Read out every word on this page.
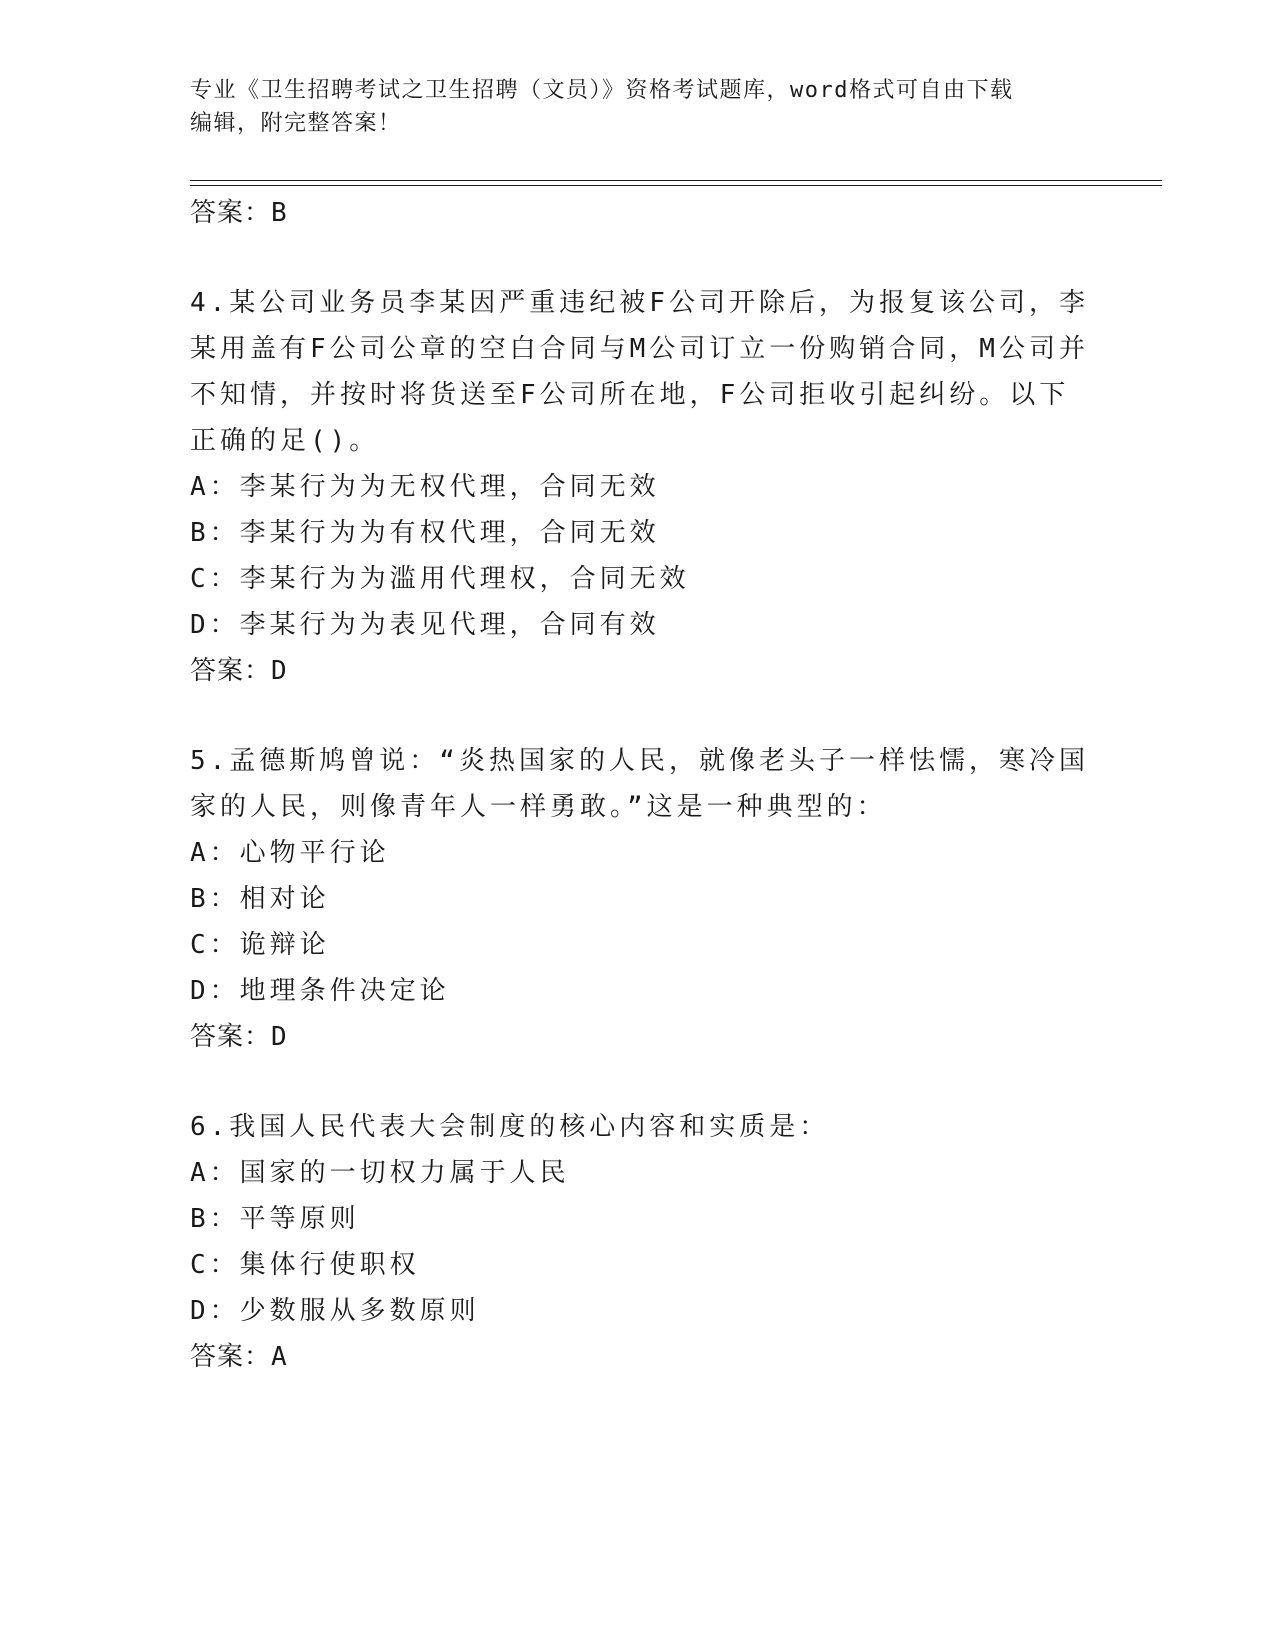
专业《卫生招聘考试之卫生招聘（文员）》资格考试题库，word格式可自由下载
编辑，附完整答案！
答案：B
4.某公司业务员李某因严重违纪被F公司开除后，为报复该公司，李某用盖有F公司公章的空白合同与M公司订立一份购销合同，M公司并不知情，并按时将货送至F公司所在地，F公司拒收引起纠纷。以下正确的足()。
A：李某行为为无权代理，合同无效
B：李某行为为有权代理，合同无效
C：李某行为为滥用代理权，合同无效
D：李某行为为表见代理，合同有效
答案：D
5.孟德斯鸠曾说：“炎热国家的人民，就像老头子一样怯懦，寒冷国家的人民，则像青年人一样勇敢。”这是一种典型的：
A：心物平行论
B：相对论
C：诡辩论
D：地理条件决定论
答案：D
6.我国人民代表大会制度的核心内容和实质是：
A：国家的一切权力属于人民
B：平等原则
C：集体行使职权
D：少数服从多数原则
答案：A
